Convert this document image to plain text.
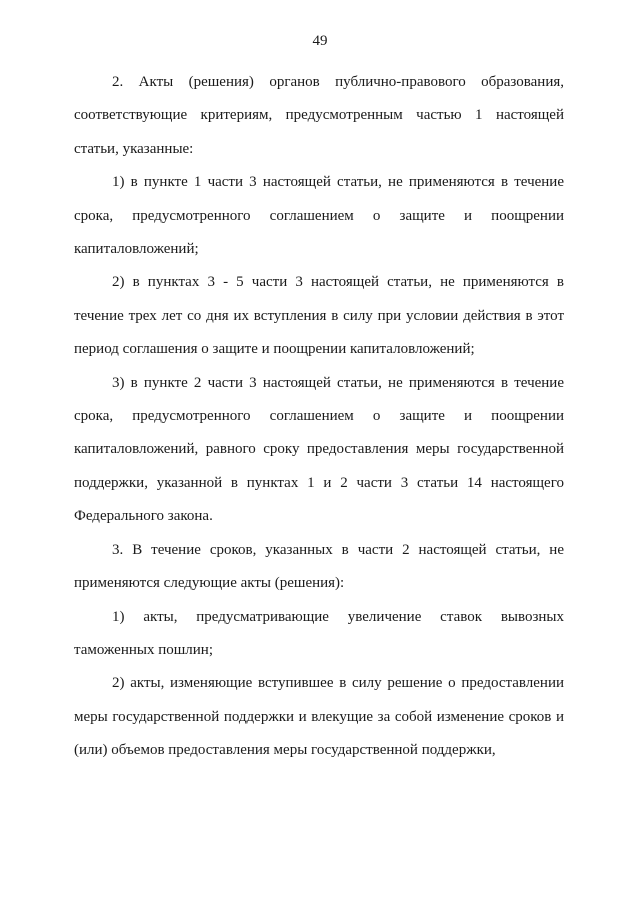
49

2. Акты (решения) органов публично-правового образования, соответствующие критериям, предусмотренным частью 1 настоящей статьи, указанные:

1) в пункте 1 части 3 настоящей статьи, не применяются в течение срока, предусмотренного соглашением о защите и поощрении капиталовложений;

2) в пунктах 3 - 5 части 3 настоящей статьи, не применяются в течение трех лет со дня их вступления в силу при условии действия в этот период соглашения о защите и поощрении капиталовложений;

3) в пункте 2 части 3 настоящей статьи, не применяются в течение срока, предусмотренного соглашением о защите и поощрении капиталовложений, равного сроку предоставления меры государственной поддержки, указанной в пунктах 1 и 2 части 3 статьи 14 настоящего Федерального закона.

3. В течение сроков, указанных в части 2 настоящей статьи, не применяются следующие акты (решения):

1) акты, предусматривающие увеличение ставок вывозных таможенных пошлин;

2) акты, изменяющие вступившее в силу решение о предоставлении меры государственной поддержки и влекущие за собой изменение сроков и (или) объемов предоставления меры государственной поддержки,
